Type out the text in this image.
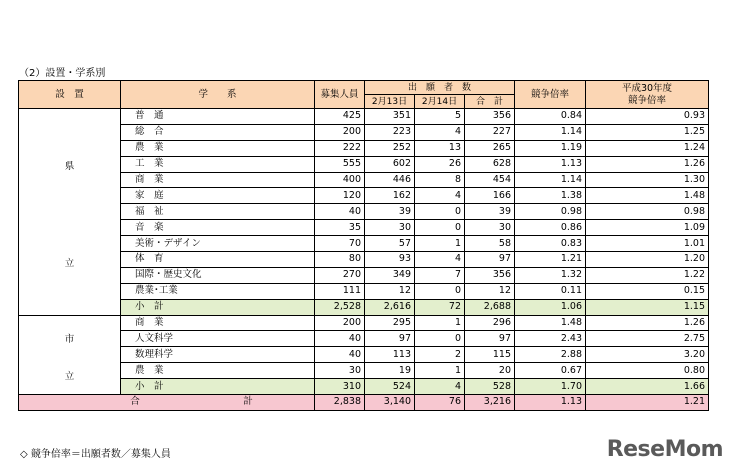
（2）設置・学系別
設　置	学　　系	募集人員	出　願　者　数			競争倍率	平成30年度
競争倍率

			2月13日	2月14日	合　計		

県
立	普　通	425	351	5	356	0.84	0.93
	総　合	200	223	4	227	1.14	1.25
	農　業	222	252	13	265	1.19	1.24
	工　業	555	602	26	628	1.13	1.26
	商　業	400	446	8	454	1.14	1.30
	家　庭	120	162	4	166	1.38	1.48
	福　祉	40	39	0	39	0.98	0.98
	音　楽	35	30	0	30	0.86	1.09
	美術・デザイン	70	57	1	58	0.83	1.01
	体　育	80	93	4	97	1.21	1.20
	国際・歴史文化	270	349	7	356	1.32	1.22
	農業･工業	111	12	0	12	0.11	0.15
	小　計	2,528	2,616	72	2,688	1.06	1.15

市
立	商　業	200	295	1	296	1.48	1.26
	人文科学	40	97	0	97	2.43	2.75
	数理科学	40	113	2	115	2.88	3.20
	農　業	30	19	1	20	0.67	0.80
	小　計	310	524	4	528	1.70	1.66
合 計		2,838	3,140	76	3,216	1.13	1.21
◇ 競争倍率＝出願者数／募集人員	ReseMom
